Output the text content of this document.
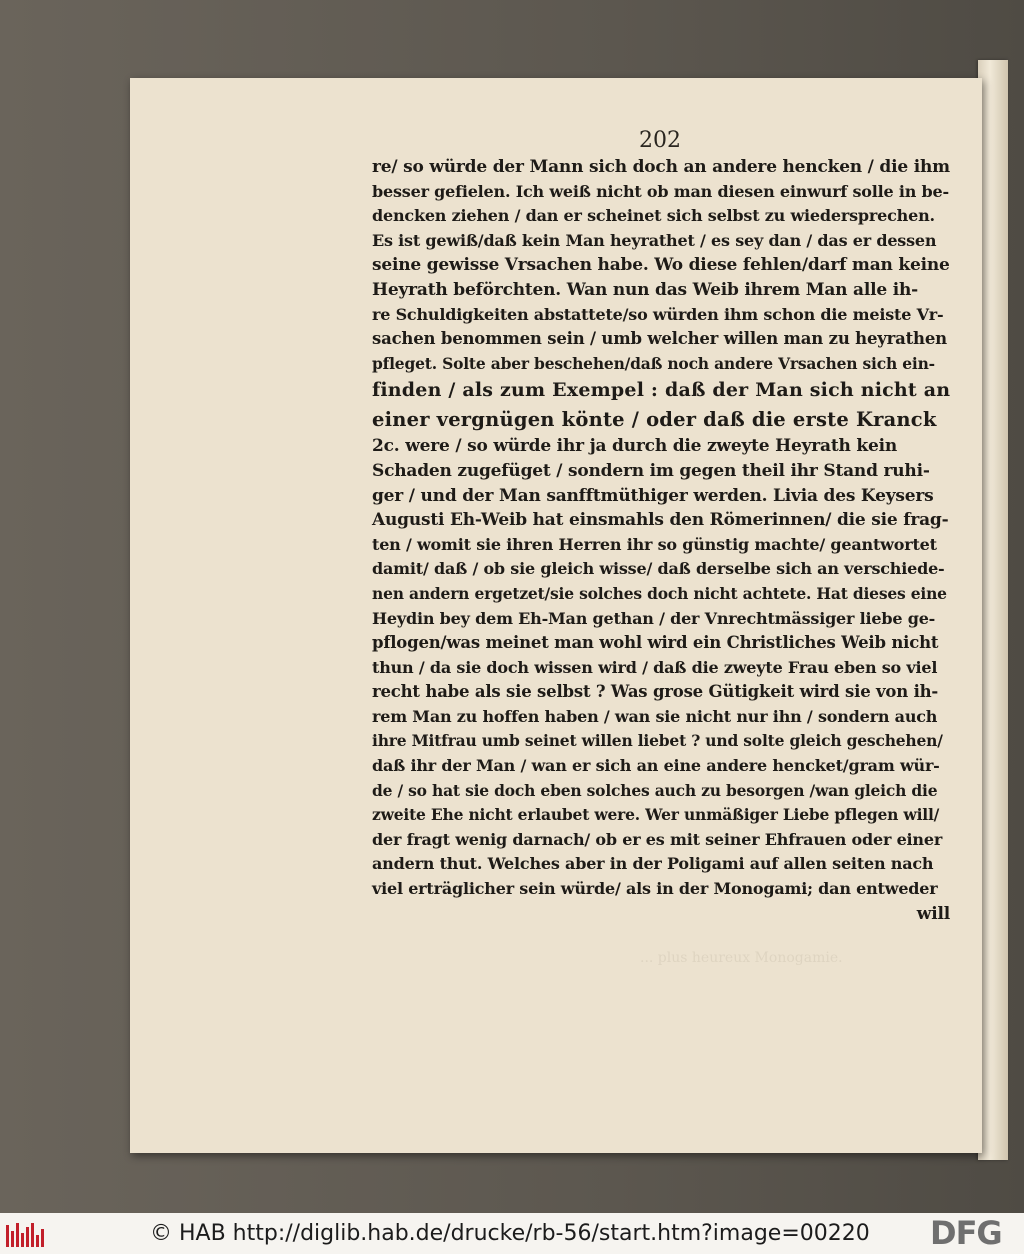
202
re/ so würde der Mann sich doch an andere hencken / die ihm
besser gefielen. Ich weiß nicht ob man diesen einwurf solle in be-
dencken ziehen / dan er scheinet sich selbst zu wiedersprechen.
Es ist gewiß/daß kein Man heyrathet / es sey dan / das er dessen
seine gewisse Vrsachen habe. Wo diese fehlen/darf man keine
Heyrath beförchten. Wan nun das Weib ihrem Man alle ih-
re Schuldigkeiten abstattete/so würden ihm schon die meiste Vr-
sachen benommen sein / umb welcher willen man zu heyrathen
pfleget. Solte aber beschehen/daß noch andere Vrsachen sich ein-
finden / als zum Exempel : daß der Man sich nicht an
einer vergnügen könte / oder daß die erste Kranck
2c. were / so würde ihr ja durch die zweyte Heyrath kein
Schaden zugefüget / sondern im gegen theil ihr Stand ruhi-
ger / und der Man sanfftmüthiger werden. Livia des Keysers
Augusti Eh-Weib hat einsmahls den Römerinnen/ die sie frag-
ten / womit sie ihren Herren ihr so günstig machte/ geantwortet
damit/ daß / ob sie gleich wisse/ daß derselbe sich an verschiede-
nen andern ergetzet/sie solches doch nicht achtete. Hat dieses eine
Heydin bey dem Eh-Man gethan / der Vnrechtmässiger liebe ge-
pflogen/was meinet man wohl wird ein Christliches Weib nicht
thun / da sie doch wissen wird / daß die zweyte Frau eben so viel
recht habe als sie selbst ? Was grose Gütigkeit wird sie von ih-
rem Man zu hoffen haben / wan sie nicht nur ihn / sondern auch
ihre Mitfrau umb seinet willen liebet ? und solte gleich geschehen/
daß ihr der Man / wan er sich an eine andere hencket/gram wür-
de / so hat sie doch eben solches auch zu besorgen /wan gleich die
zweite Ehe nicht erlaubet were. Wer unmäßiger Liebe pflegen will/
der fragt wenig darnach/ ob er es mit seiner Ehfrauen oder einer
andern thut. Welches aber in der Poligami auf allen seiten nach
viel erträglicher sein würde/ als in der Monogami; dan entweder
will
... plus heureux Monogamie.
© HAB http://diglib.hab.de/drucke/rb-56/start.htm?image=00220 DFG
